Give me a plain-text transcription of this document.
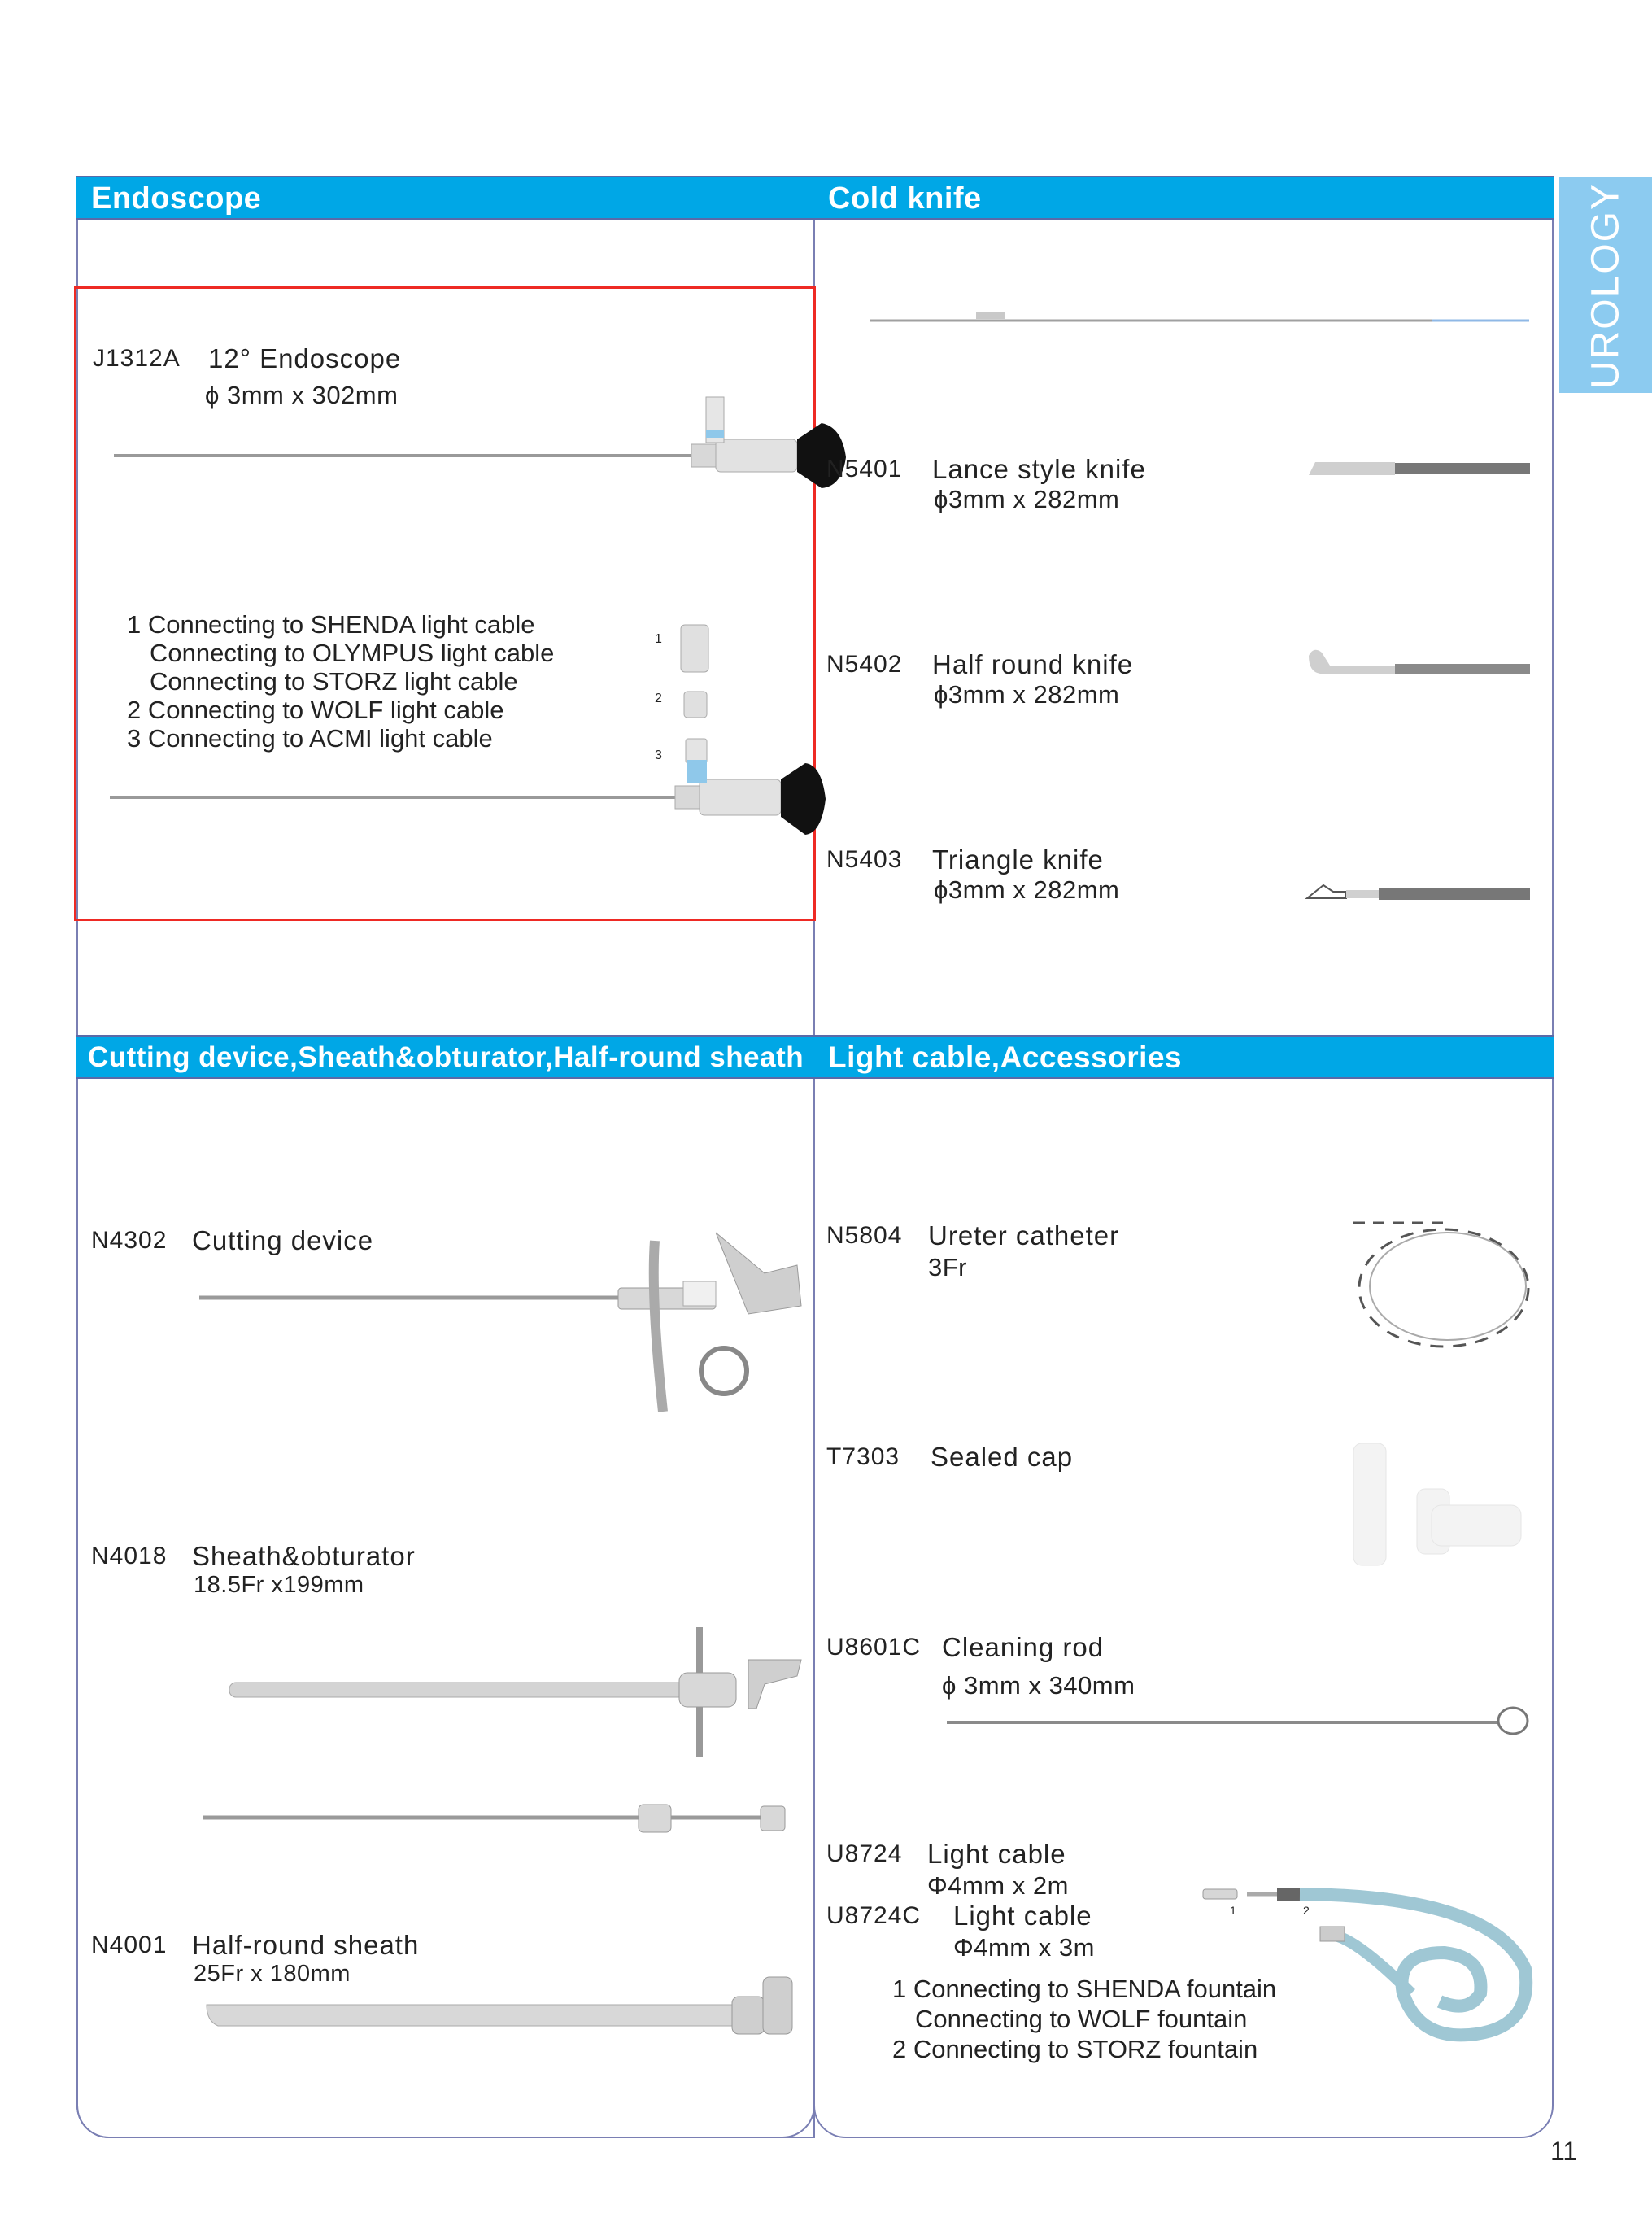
UROLOGY
Endoscope
J1312A 12° Endoscope
ϕ 3mm x 302mm
1 Connecting to SHENDA light cable
Connecting to OLYMPUS light cable
Connecting to STORZ light cable
2 Connecting to WOLF light cable
3 Connecting to ACMI light cable
1
2
3
Cold knife
N5401 Lance style knife
ϕ3mm x 282mm
N5402 Half round knife
ϕ3mm x 282mm
N5403 Triangle knife
ϕ3mm x 282mm
Cutting device,Sheath&obturator,Half-round sheath
N4302 Cutting device
N4018 Sheath&obturator
18.5Fr x199mm
N4001 Half-round sheath
25Fr x 180mm
Light cable,Accessories
N5804 Ureter catheter
3Fr
T7303 Sealed cap
U8601C Cleaning rod
ϕ 3mm x 340mm
U8724 Light cable
Φ4mm x 2m
U8724C Light cable
Φ4mm x 3m
1	2
1 Connecting to SHENDA fountain
Connecting to WOLF fountain
2 Connecting to STORZ fountain
11
